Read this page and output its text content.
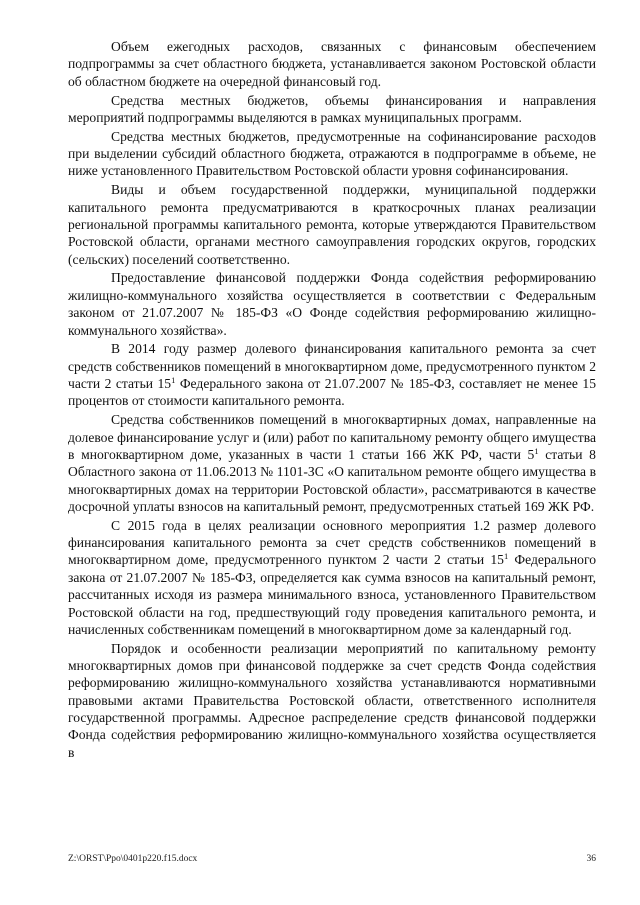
Объем ежегодных расходов, связанных с финансовым обеспечением подпрограммы за счет областного бюджета, устанавливается законом Ростовской области об областном бюджете на очередной финансовый год.

Средства местных бюджетов, объемы финансирования и направления мероприятий подпрограммы выделяются в рамках муниципальных программ.

Средства местных бюджетов, предусмотренные на софинансирование расходов при выделении субсидий областного бюджета, отражаются в подпрограмме в объеме, не ниже установленного Правительством Ростовской области уровня софинансирования.

Виды и объем государственной поддержки, муниципальной поддержки капитального ремонта предусматриваются в краткосрочных планах реализации региональной программы капитального ремонта, которые утверждаются Правительством Ростовской области, органами местного самоуправления городских округов, городских (сельских) поселений соответственно.

Предоставление финансовой поддержки Фонда содействия реформированию жилищно-коммунального хозяйства осуществляется в соответствии с Федеральным законом от 21.07.2007 № 185-ФЗ «О Фонде содействия реформированию жилищно-коммунального хозяйства».

В 2014 году размер долевого финансирования капитального ремонта за счет средств собственников помещений в многоквартирном доме, предусмотренного пунктом 2 части 2 статьи $15^1$ Федерального закона от 21.07.2007 № 185-ФЗ, составляет не менее 15 процентов от стоимости капитального ремонта.

Средства собственников помещений в многоквартирных домах, направленные на долевое финансирование услуг и (или) работ по капитальному ремонту общего имущества в многоквартирном доме, указанных в части 1 статьи 166 ЖК РФ, части $5^1$ статьи 8 Областного закона от 11.06.2013 № 1101-ЗС «О капитальном ремонте общего имущества в многоквартирных домах на территории Ростовской области», рассматриваются в качестве досрочной уплаты взносов на капитальный ремонт, предусмотренных статьей 169 ЖК РФ.

С 2015 года в целях реализации основного мероприятия 1.2 размер долевого финансирования капитального ремонта за счет средств собственников помещений в многоквартирном доме, предусмотренного пунктом 2 части 2 статьи $15^1$ Федерального закона от 21.07.2007 № 185-ФЗ, определяется как сумма взносов на капитальный ремонт, рассчитанных исходя из размера минимального взноса, установленного Правительством Ростовской области на год, предшествующий году проведения капитального ремонта, и начисленных собственникам помещений в многоквартирном доме за календарный год.

Порядок и особенности реализации мероприятий по капитальному ремонту многоквартирных домов при финансовой поддержке за счет средств Фонда содействия реформированию жилищно-коммунального хозяйства устанавливаются нормативными правовыми актами Правительства Ростовской области, ответственного исполнителя государственной программы. Адресное распределение средств финансовой поддержки Фонда содействия реформированию жилищно-коммунального хозяйства осуществляется в

Z:\ORST\Ppo\0401p220.f15.docx	36
